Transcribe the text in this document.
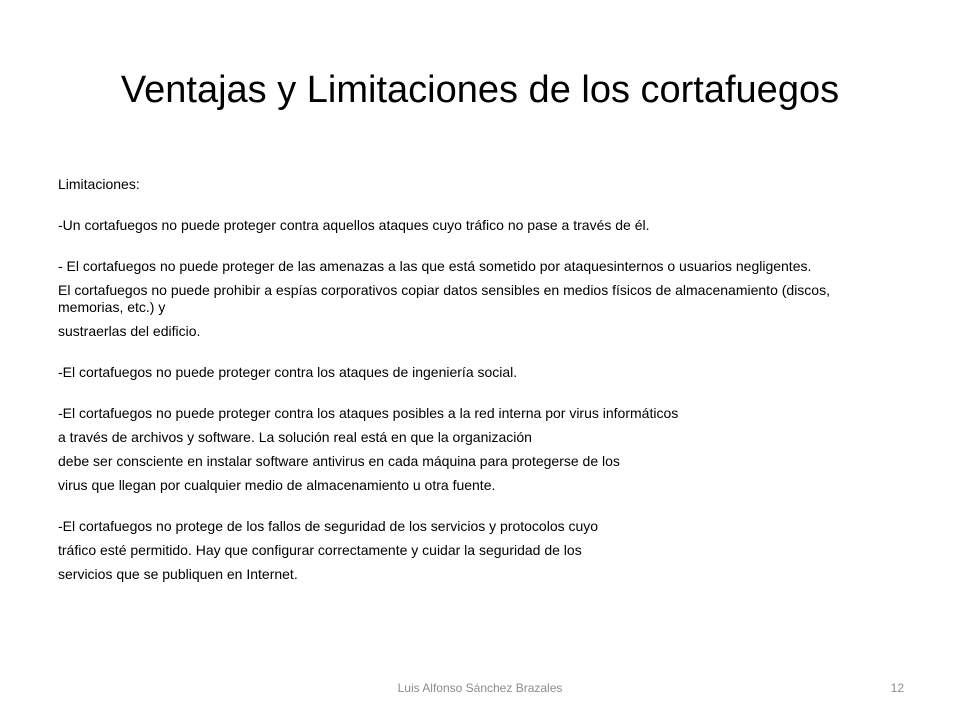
Ventajas y Limitaciones de los cortafuegos

Limitaciones:

-Un cortafuegos no puede proteger contra aquellos ataques cuyo tráfico no pase a través de él.

- El cortafuegos no puede proteger de las amenazas a las que está sometido por ataquesinternos o usuarios negligentes.

El cortafuegos no puede prohibir a espías corporativos copiar datos sensibles en medios físicos de almacenamiento (discos, memorias, etc.) y

sustraerlas del edificio.

-El cortafuegos no puede proteger contra los ataques de ingeniería social.

-El cortafuegos no puede proteger contra los ataques posibles a la red interna por virus informáticos

a través de archivos y software. La solución real está en que la organización

debe ser consciente en instalar software antivirus en cada máquina para protegerse de los

virus que llegan por cualquier medio de almacenamiento u otra fuente.

-El cortafuegos no protege de los fallos de seguridad de los servicios y protocolos cuyo

tráfico esté permitido. Hay que configurar correctamente y cuidar la seguridad de los

servicios que se publiquen en Internet.

Luis Alfonso Sánchez Brazales	12
